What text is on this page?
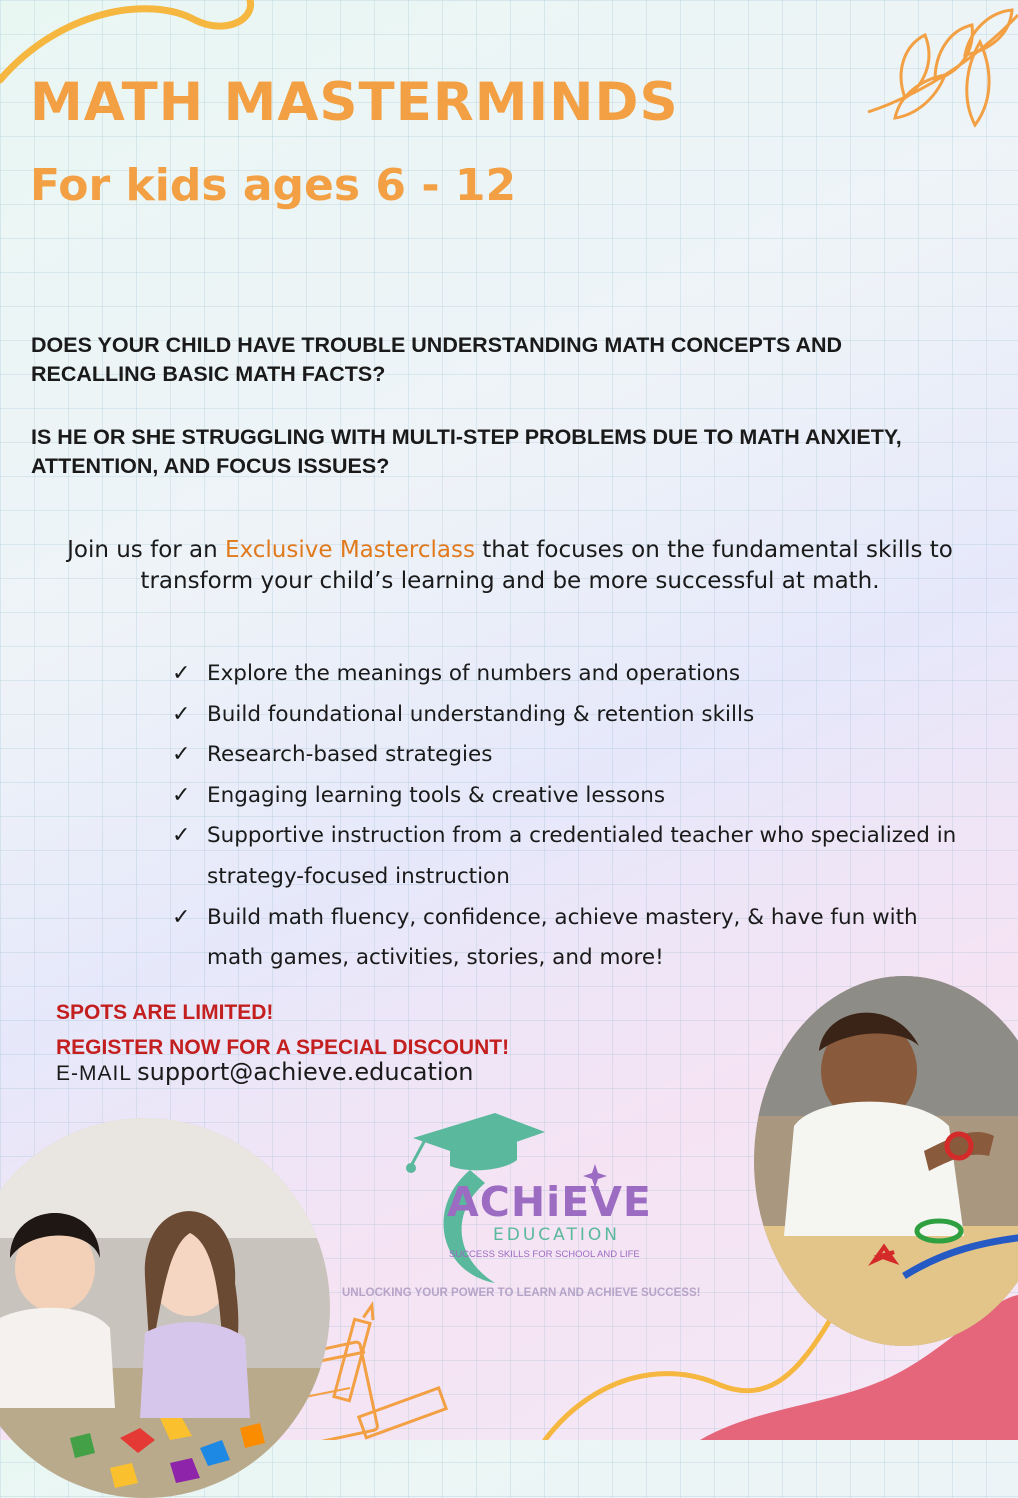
MATH MASTERMINDS
For kids ages 6 - 12
DOES YOUR CHILD HAVE TROUBLE UNDERSTANDING MATH CONCEPTS AND RECALLING BASIC MATH FACTS?
IS HE OR SHE STRUGGLING WITH MULTI-STEP PROBLEMS DUE TO MATH ANXIETY, ATTENTION, AND FOCUS ISSUES?
Join us for an Exclusive Masterclass that focuses on the fundamental skills to transform your child’s learning and be more successful at math.
✓ Explore the meanings of numbers and operations
✓ Build foundational understanding & retention skills
✓ Research-based strategies
✓ Engaging learning tools & creative lessons
✓ Supportive instruction from a credentialed teacher who specialized in strategy-focused instruction
✓ Build math fluency, confidence, achieve mastery, & have fun with math games, activities, stories, and more!
SPOTS ARE LIMITED!
REGISTER NOW FOR A SPECIAL DISCOUNT!
E-MAIL support@achieve.education
ACHiEVE
EDUCATION
SUCCESS SKILLS FOR SCHOOL AND LIFE
UNLOCKING YOUR POWER TO LEARN AND ACHIEVE SUCCESS!
